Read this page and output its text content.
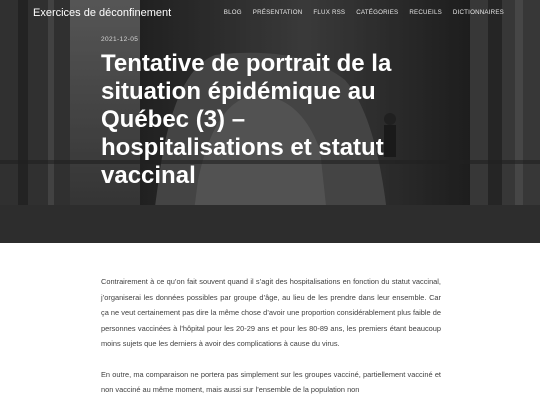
Exercices de déconfinement	BLOG PRÉSENTATION FLUX RSS CATÉGORIES RECUEILS DICTIONNAIRES
2021-12-05
Tentative de portrait de la situation épidémique au Québec (3) – hospitalisations et statut vaccinal

Contrairement à ce qu’on fait souvent quand il s’agit des hospitalisations en fonction du statut vaccinal, j’organiserai les données possibles par groupe d’âge, au lieu de les prendre dans leur ensemble. Car ça ne veut certainement pas dire la même chose d’avoir une proportion considérablement plus faible de personnes vaccinées à l’hôpital pour les 20-29 ans et pour les 80-89 ans, les premiers étant beaucoup moins sujets que les derniers à avoir des complications à cause du virus.

En outre, ma comparaison ne portera pas simplement sur les groupes vacciné, partiellement vacciné et non vacciné au même moment, mais aussi sur l’ensemble de la population non
